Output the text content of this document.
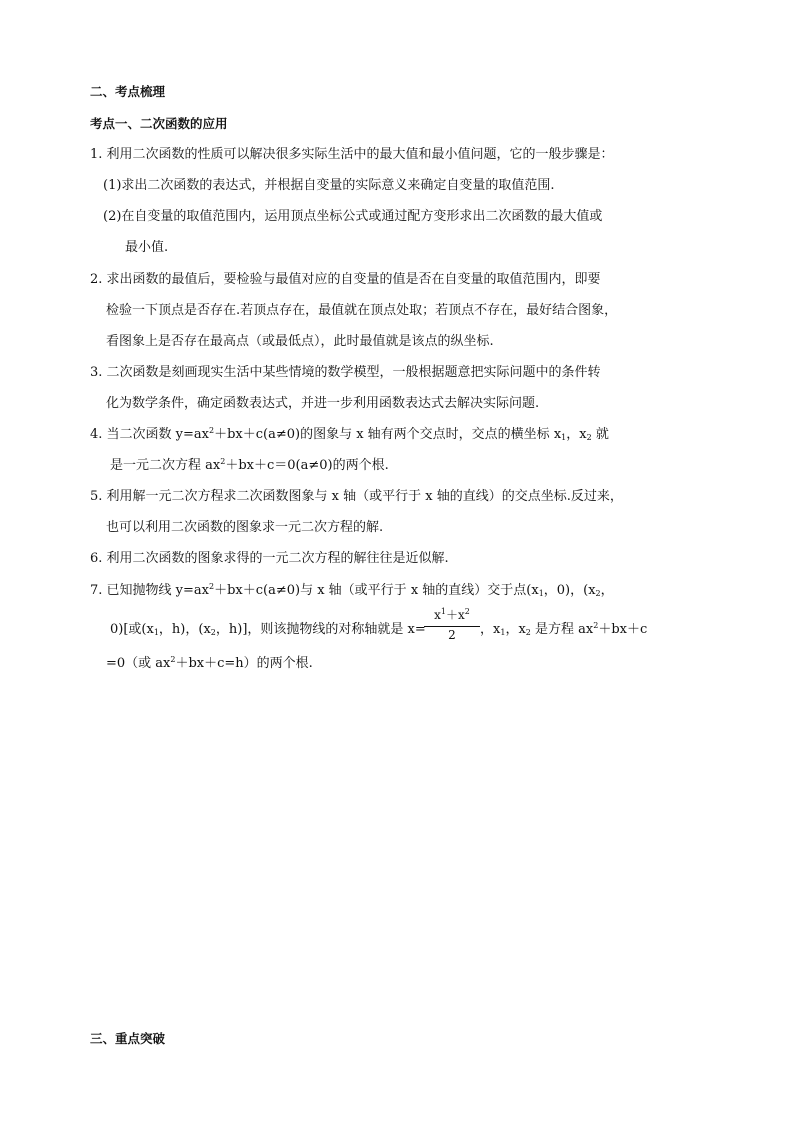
二、考点梳理
考点一、二次函数的应用
1. 利用二次函数的性质可以解决很多实际生活中的最大值和最小值问题，它的一般步骤是：
(1)求出二次函数的表达式，并根据自变量的实际意义来确定自变量的取值范围.
(2)在自变量的取值范围内，运用顶点坐标公式或通过配方变形求出二次函数的最大值或
最小值.
2. 求出函数的最值后，要检验与最值对应的自变量的值是否在自变量的取值范围内，即要
检验一下顶点是否存在.若顶点存在，最值就在顶点处取；若顶点不存在，最好结合图象，
看图象上是否存在最高点（或最低点），此时最值就是该点的纵坐标.
3. 二次函数是刻画现实生活中某些情境的数学模型，一般根据题意把实际问题中的条件转
化为数学条件，确定函数表达式，并进一步利用函数表达式去解决实际问题.
4. 当二次函数 $y=ax^2+bx+c(a\ne 0)$的图象与 x 轴有两个交点时，交点的横坐标 $x_1$，$x_2$ 就
是一元二次方程 $ax^2+bx+c=0(a\ne 0)$的两个根.
5. 利用解一元二次方程求二次函数图象与 x 轴（或平行于 x 轴的直线）的交点坐标.反过来，
也可以利用二次函数的图象求一元二次方程的解.
6. 利用二次函数的图象求得的一元二次方程的解往往是近似解.
7. 已知抛物线 $y=ax^2+bx+c(a\ne 0)$与 x 轴（或平行于 x 轴的直线）交于点($x_1$，0)，($x_2$，
0)[或($x_1$，h)，($x_2$，h)]，则该抛物线的对称轴就是 x=
$x^1+x^2$
2	，$x_1$，$x_2$ 是方程 $ax^2+bx+c$
=0（或 $ax^2+bx+c=h$）的两个根.
三、重点突破
